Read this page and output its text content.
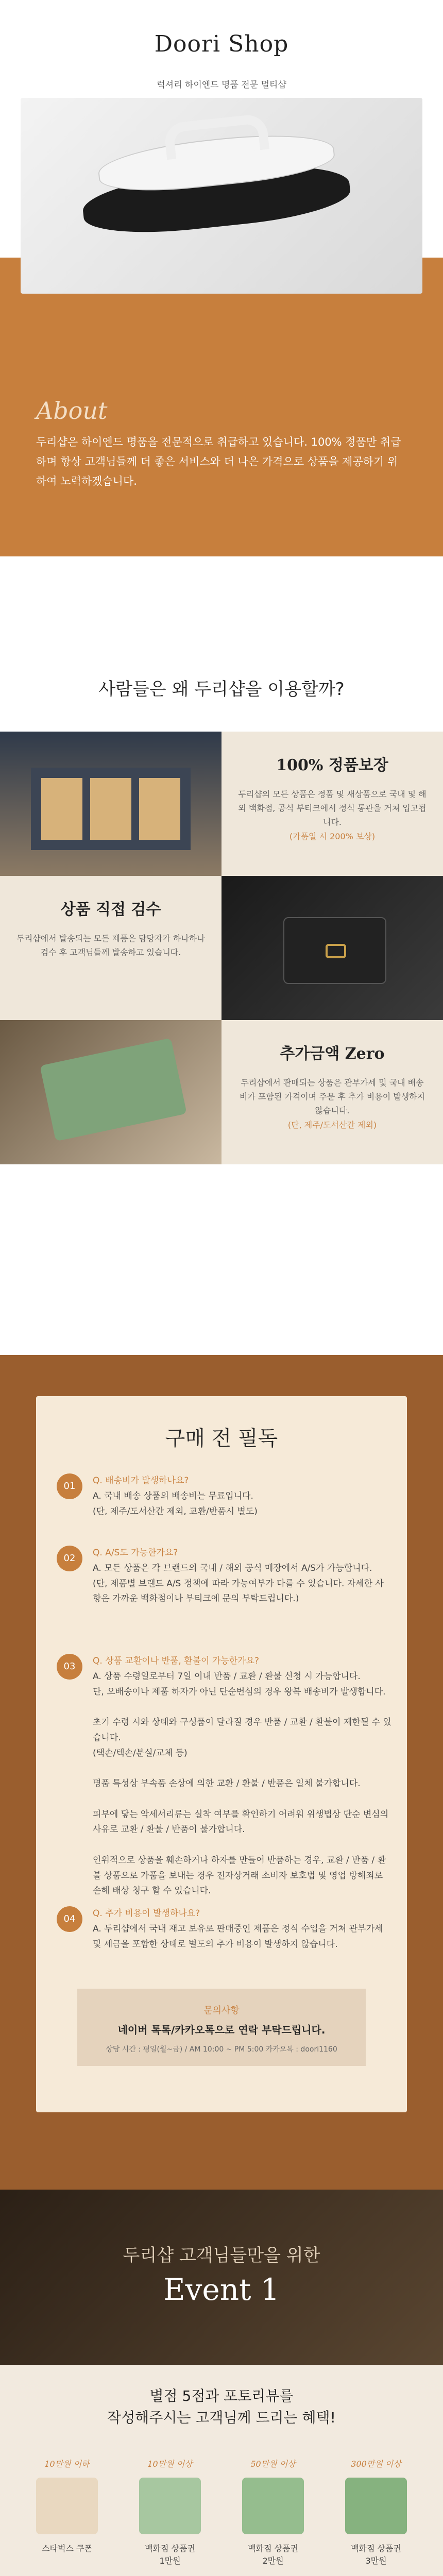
Doori Shop
럭셔리 하이엔드 명품 전문 멀티샵
About
두리샵은 하이엔드 명품을 전문적으로 취급하고 있습니다. 100% 정품만 취급하며 항상 고객님들께 더 좋은 서비스와 더 나은 가격으로 상품을 제공하기 위하여 노력하겠습니다.
사람들은 왜 두리샵을 이용할까?
100% 정품보장

두리샵의 모든 상품은 정품 및 새상품으로 국내 및 해외 백화점, 공식 부티크에서 정식 통관을 거쳐 입고됩니다.

(가품일 시 200% 보상)

상품 직접 검수

두리샵에서 발송되는 모든 제품은 담당자가 하나하나 검수 후 고객님들께 발송하고 있습니다.

추가금액 Zero

두리샵에서 판매되는 상품은 관부가세 및 국내 배송비가 포함된 가격이며 주문 후 추가 비용이 발생하지 않습니다.

(단, 제주/도서산간 제외)

구매 전 필독
01	Q. 배송비가 발생하나요?
A. 국내 배송 상품의 배송비는 무료입니다.
(단, 제주/도서산간 제외, 교환/반품시 별도)
02	Q. A/S도 가능한가요?
A. 모든 상품은 각 브랜드의 국내 / 해외 공식 매장에서 A/S가 가능합니다.
(단, 제품별 브랜드 A/S 정책에 따라 가능여부가 다를 수 있습니다. 자세한 사항은 가까운 백화점이나 부티크에 문의 부탁드립니다.)
03	Q. 상품 교환이나 반품, 환불이 가능한가요?
A. 상품 수령일로부터 7일 이내 반품 / 교환 / 환불 신청 시 가능합니다.
단, 오배송이나 제품 하자가 아닌 단순변심의 경우 왕복 배송비가 발생합니다.

초기 수령 시와 상태와 구성품이 달라질 경우 반품 / 교환 / 환불이 제한될 수 있습니다.
(택손/텍손/분실/교체 등)

명품 특성상 부속품 손상에 의한 교환 / 환불 / 반품은 일체 불가합니다.

피부에 닿는 악세서리류는 실착 여부를 확인하기 어려워 위생법상 단순 변심의 사유로 교환 / 환불 / 반품이 불가합니다.

인위적으로 상품을 훼손하거나 하자를 만들어 반품하는 경우, 교환 / 반품 / 환불 상품으로 가품을 보내는 경우 전자상거래 소비자 보호법 및 영업 방해죄로 손해 배상 청구 할 수 있습니다.
04	Q. 추가 비용이 발생하나요?
A. 두리샵에서 국내 재고 보유로 판매중인 제품은 정식 수입을 거쳐 관부가세 및 세금을 포함한 상태로 별도의 추가 비용이 발생하지 않습니다.
문의사항
네이버 톡톡/카카오톡으로 연락 부탁드립니다.
상담 시간 : 평일(월~금) / AM 10:00 ~ PM 5:00 카카오톡 : doori1160
두리샵 고객님들만을 위한
Event 1
별점 5점과 포토리뷰를
작성해주시는 고객님께 드리는 혜택!
10만원 이하
스타벅스 쿠폰
10만원 이상
백화점 상품권
1만원
50만원 이상
백화점 상품권
2만원
300만원 이상
백화점 상품권
3만원
